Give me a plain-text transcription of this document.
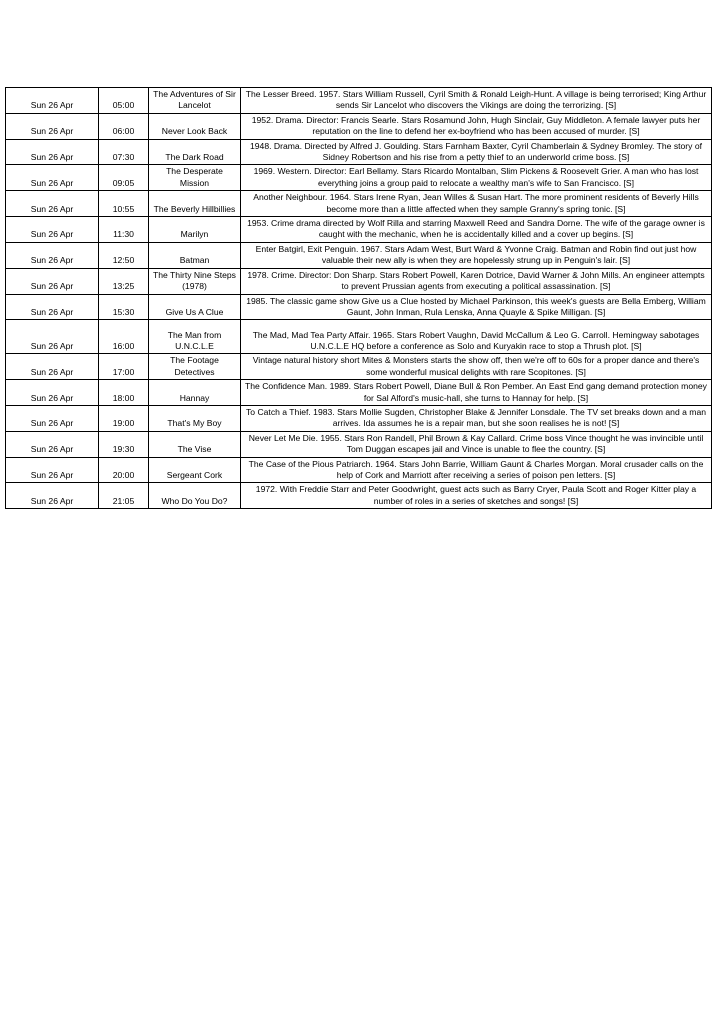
Sun 26 Apr	05:00	The Adventures of Sir Lancelot	The Lesser Breed. 1957. Stars William Russell, Cyril Smith & Ronald Leigh-Hunt. A village is being terrorised; King Arthur sends Sir Lancelot who discovers the Vikings are doing the terrorizing. [S]
Sun 26 Apr	06:00	Never Look Back	1952. Drama. Director: Francis Searle. Stars Rosamund John, Hugh Sinclair, Guy Middleton. A female lawyer puts her reputation on the line to defend her ex-boyfriend who has been accused of murder. [S]
Sun 26 Apr	07:30	The Dark Road	1948. Drama. Directed by Alfred J. Goulding. Stars Farnham Baxter, Cyril Chamberlain & Sydney Bromley. The story of Sidney Robertson and his rise from a petty thief to an underworld crime boss. [S]
Sun 26 Apr	09:05	The Desperate Mission	1969. Western. Director: Earl Bellamy. Stars Ricardo Montalban, Slim Pickens & Roosevelt Grier. A man who has lost everything joins a group paid to relocate a wealthy man's wife to San Francisco. [S]
Sun 26 Apr	10:55	The Beverly Hillbillies	Another Neighbour. 1964. Stars Irene Ryan, Jean Willes & Susan Hart. The more prominent residents of Beverly Hills become more than a little affected when they sample Granny's spring tonic. [S]
Sun 26 Apr	11:30	Marilyn	1953. Crime drama directed by Wolf Rilla and starring Maxwell Reed and Sandra Dorne. The wife of the garage owner is caught with the mechanic, when he is accidentally killed and a cover up begins. [S]
Sun 26 Apr	12:50	Batman	Enter Batgirl, Exit Penguin. 1967. Stars Adam West, Burt Ward & Yvonne Craig. Batman and Robin find out just how valuable their new ally is when they are hopelessly strung up in Penguin's lair. [S]
Sun 26 Apr	13:25	The Thirty Nine Steps (1978)	1978. Crime. Director: Don Sharp. Stars Robert Powell, Karen Dotrice, David Warner & John Mills. An engineer attempts to prevent Prussian agents from executing a political assassination. [S]
Sun 26 Apr	15:30	Give Us A Clue	1985. The classic game show Give us a Clue hosted by Michael Parkinson, this week's guests are Bella Emberg, William Gaunt, John Inman, Rula Lenska, Anna Quayle & Spike Milligan. [S]
Sun 26 Apr	16:00	The Man from U.N.C.L.E	The Mad, Mad Tea Party Affair. 1965. Stars Robert Vaughn, David McCallum & Leo G. Carroll. Hemingway sabotages U.N.C.L.E HQ before a conference as Solo and Kuryakin race to stop a Thrush plot. [S]
Sun 26 Apr	17:00	The Footage Detectives	Vintage natural history short Mites & Monsters starts the show off, then we're off to 60s for a proper dance and there's some wonderful musical delights with rare Scopitones. [S]
Sun 26 Apr	18:00	Hannay	The Confidence Man. 1989. Stars Robert Powell, Diane Bull & Ron Pember. An East End gang demand protection money for Sal Alford's music-hall, she turns to Hannay for help. [S]
Sun 26 Apr	19:00	That's My Boy	To Catch a Thief. 1983. Stars Mollie Sugden, Christopher Blake & Jennifer Lonsdale. The TV set breaks down and a man arrives. Ida assumes he is a repair man, but she soon realises he is not! [S]
Sun 26 Apr	19:30	The Vise	Never Let Me Die. 1955. Stars Ron Randell, Phil Brown & Kay Callard. Crime boss Vince thought he was invincible until Tom Duggan escapes jail and Vince is unable to flee the country. [S]
Sun 26 Apr	20:00	Sergeant Cork	The Case of the Pious Patriarch. 1964. Stars John Barrie, William Gaunt & Charles Morgan. Moral crusader calls on the help of Cork and Marriott after receiving a series of poison pen letters. [S]
Sun 26 Apr	21:05	Who Do You Do?	1972. With Freddie Starr and Peter Goodwright, guest acts such as Barry Cryer, Paula Scott and Roger Kitter play a number of roles in a series of sketches and songs! [S]
